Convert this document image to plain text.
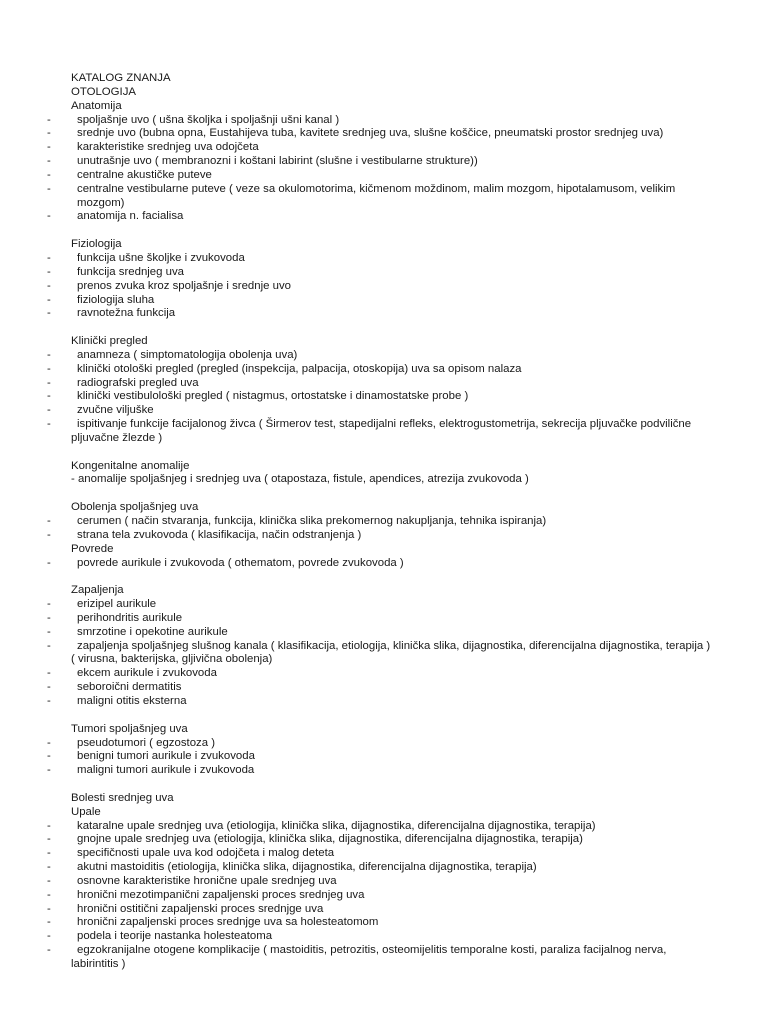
KATALOG ZNANJA
OTOLOGIJA
Anatomija
- spoljašnje uvo ( ušna školjka i spoljašnji ušni kanal )
- srednje uvo (bubna opna, Eustahijeva tuba, kavitete srednjeg uva, slušne koščice, pneumatski prostor srednjeg uva)
- karakteristike srednjeg uva odojčeta
- unutrašnje uvo ( membranozni i koštani labirint (slušne i vestibularne strukture))
- centralne akustičke puteve
- centralne vestibularne puteve ( veze sa okulomotorima, kičmenom moždinom, malim mozgom, hipotalamusom, velikim mozgom)
- anatomija n. facialisa
Fiziologija
- funkcija ušne školjke i zvukovoda
- funkcija srednjeg uva
- prenos zvuka kroz spoljašnje i srednje uvo
- fiziologija sluha
- ravnotežna funkcija
Klinički pregled
- anamneza ( simptomatologija obolenja uva)
- klinički otološki pregled (pregled (inspekcija, palpacija, otoskopija) uva sa opisom nalaza
- radiografski pregled uva
- klinički vestibulološki pregled ( nistagmus, ortostatske i dinamostatske probe )
- zvučne viljuške
-	ispitivanje funkcije facijalonog živca ( Širmerov test, stapedijalni refleks, elektrogustometrija, sekrecija pljuvačke podvilične pljuvačne žlezde )
Kongenitalne anomalije
- anomalije spoljašnjeg i srednjeg uva ( otapostaza, fistule, apendices, atrezija zvukovoda )
Obolenja spoljašnjeg uva
- cerumen ( način stvaranja, funkcija, klinička slika prekomernog nakupljanja, tehnika ispiranja)
- strana tela zvukovoda ( klasifikacija, način odstranjenja )
Povrede
- povrede aurikule i zvukovoda ( othematom, povrede zvukovoda )
Zapaljenja
- erizipel aurikule
- perihondritis aurikule
- smrzotine i opekotine aurikule
-	zapaljenja spoljašnjeg slušnog kanala ( klasifikacija, etiologija, klinička slika, dijagnostika, diferencijalna dijagnostika, terapija ) ( virusna, bakterijska, gljivična obolenja)
- ekcem aurikule i zvukovoda
- seboroični dermatitis
- maligni otitis eksterna
Tumori spoljašnjeg uva
- pseudotumori ( egzostoza )
- benigni tumori aurikule i zvukovoda
- maligni tumori aurikule i zvukovoda
Bolesti srednjeg uva
Upale
- kataralne upale srednjeg uva (etiologija, klinička slika, dijagnostika, diferencijalna dijagnostika, terapija)
- gnojne upale srednjeg uva (etiologija, klinička slika, dijagnostika, diferencijalna dijagnostika, terapija)
- specifičnosti upale uva kod odojčeta i malog deteta
- akutni mastoiditis (etiologija, klinička slika, dijagnostika, diferencijalna dijagnostika, terapija)
- osnovne karakteristike hronične upale srednjeg uva
- hronični mezotimpanični zapaljenski proces srednjeg uva
- hronični ostitični zapaljenski proces srednjge uva
- hronični zapaljenski proces srednjge uva sa holesteatomom
- podela i teorije nastanka holesteatoma
-	egzokranijalne otogene komplikacije ( mastoiditis, petrozitis, osteomijelitis temporalne kosti, paraliza facijalnog nerva, labirintitis )
